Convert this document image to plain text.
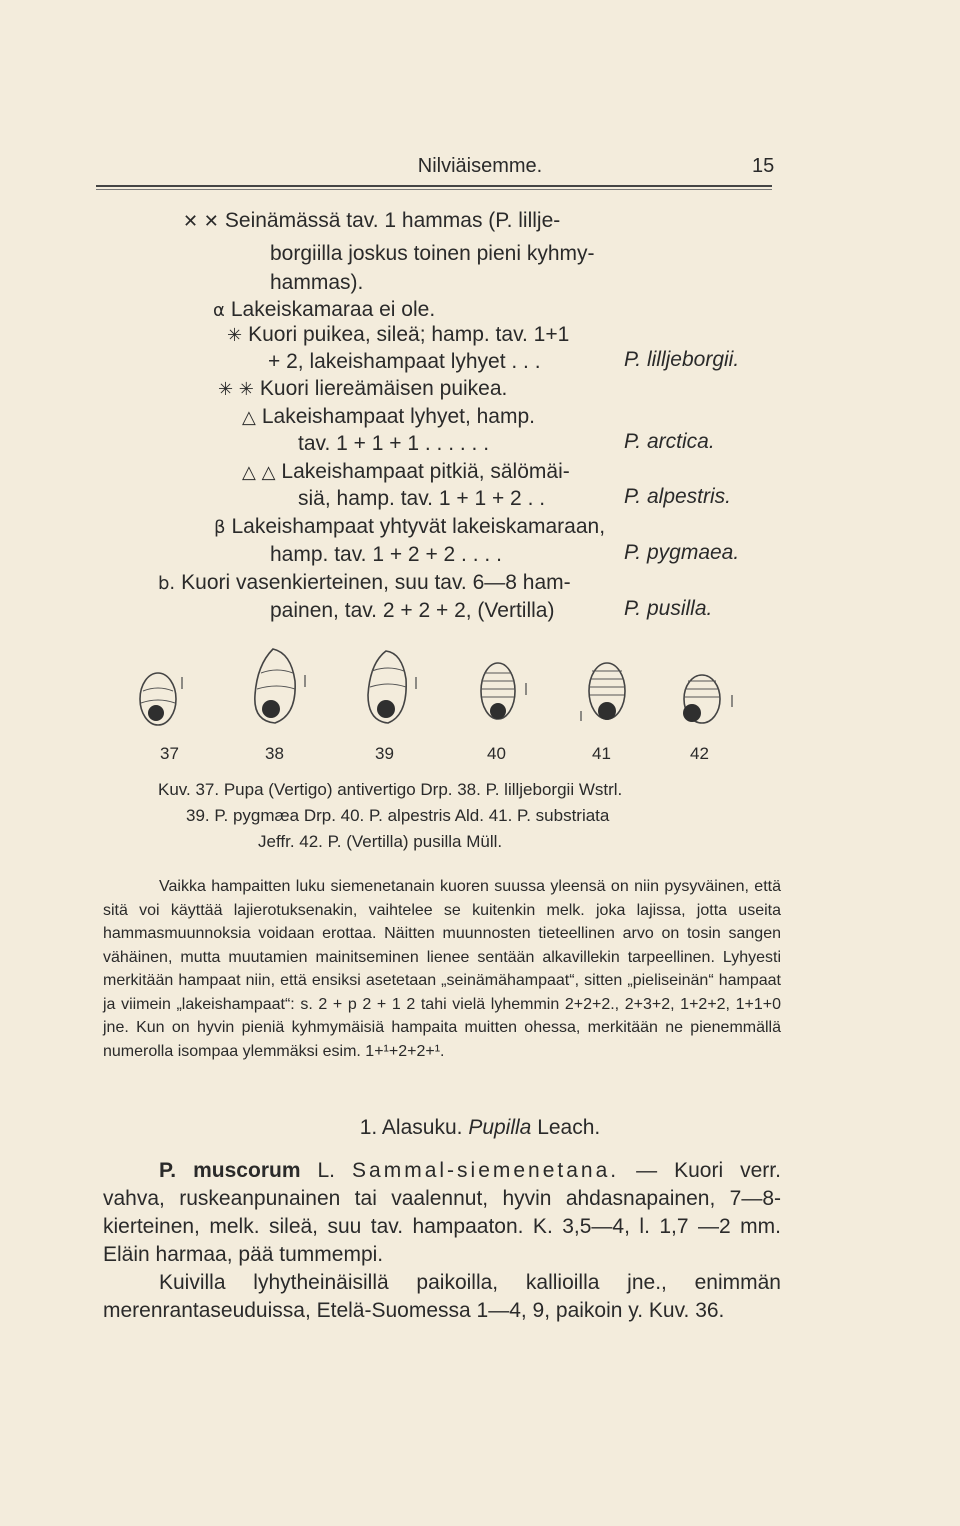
Nilviäisemme.	15
✕ ✕ Seinämässä tav. 1 hammas (P. lillje-
borgiilla joskus toinen pieni kyhmy-
hammas).
α Lakeiskamaraa ei ole.
✳ Kuori puikea, sileä; hamp. tav. 1+1
+ 2, lakeishampaat lyhyet . . .	P. lilljeborgii.
✳ ✳ Kuori liereämäisen puikea.
△ Lakeishampaat lyhyet, hamp.
tav. 1 + 1 + 1 . . . . . .	P. arctica.
△ △ Lakeishampaat pitkiä, sälömäi-
siä, hamp. tav. 1 + 1 + 2 . .	P. alpestris.
β Lakeishampaat yhtyvät lakeiskamaraan,
hamp. tav. 1 + 2 + 2 . . . .	P. pygmaea.
b. Kuori vasenkierteinen, suu tav. 6—8 ham-
painen, tav. 2 + 2 + 2, (Vertilla)	P. pusilla.
37	38	39	40	41	42
Kuv. 37. Pupa (Vertigo) antivertigo Drp. 38. P. lilljeborgii Wstrl.
39. P. pygmæa Drp. 40. P. alpestris Ald. 41. P. substriata
Jeffr. 42. P. (Vertilla) pusilla Müll.

Vaikka hampaitten luku siemenetanain kuoren suussa yleensä on niin pysyväinen, että sitä voi käyttää lajierotuksenakin, vaihtelee se kuitenkin melk. joka lajissa, jotta useita hammasmuunnoksia voidaan erottaa. Näitten muunnosten tieteellinen arvo on tosin sangen vähäinen, mutta muutamien mainitseminen lienee sentään alkavillekin tarpeellinen. Lyhyesti merkitään hampaat niin, että ensiksi asetetaan „seinämähampaat“, sitten „pieliseinän“ hampaat ja viimein „lakeishampaat“: s. 2 + p 2 + 1 2 tahi vielä lyhemmin 2+2+2., 2+3+2, 1+2+2, 1+1+0 jne. Kun on hyvin pieniä kyhmymäisiä hampaita muitten ohessa, merkitään ne pienemmällä numerolla isompaa ylemmäksi esim. 1+¹+2+2+¹.

1. Alasuku. Pupilla Leach.

P. muscorum L. Sammal-siemenetana. — Kuori verr. vahva, ruskeanpunainen tai vaalennut, hyvin ahdasnapainen, 7—8-kierteinen, melk. sileä, suu tav. hampaaton. K. 3,5—4, l. 1,7 —2 mm. Eläin harmaa, pää tummempi.

Kuivilla lyhytheinäisillä paikoilla, kallioilla jne., enimmän merenrantaseuduissa, Etelä-Suomessa 1—4, 9, paikoin y. Kuv. 36.
